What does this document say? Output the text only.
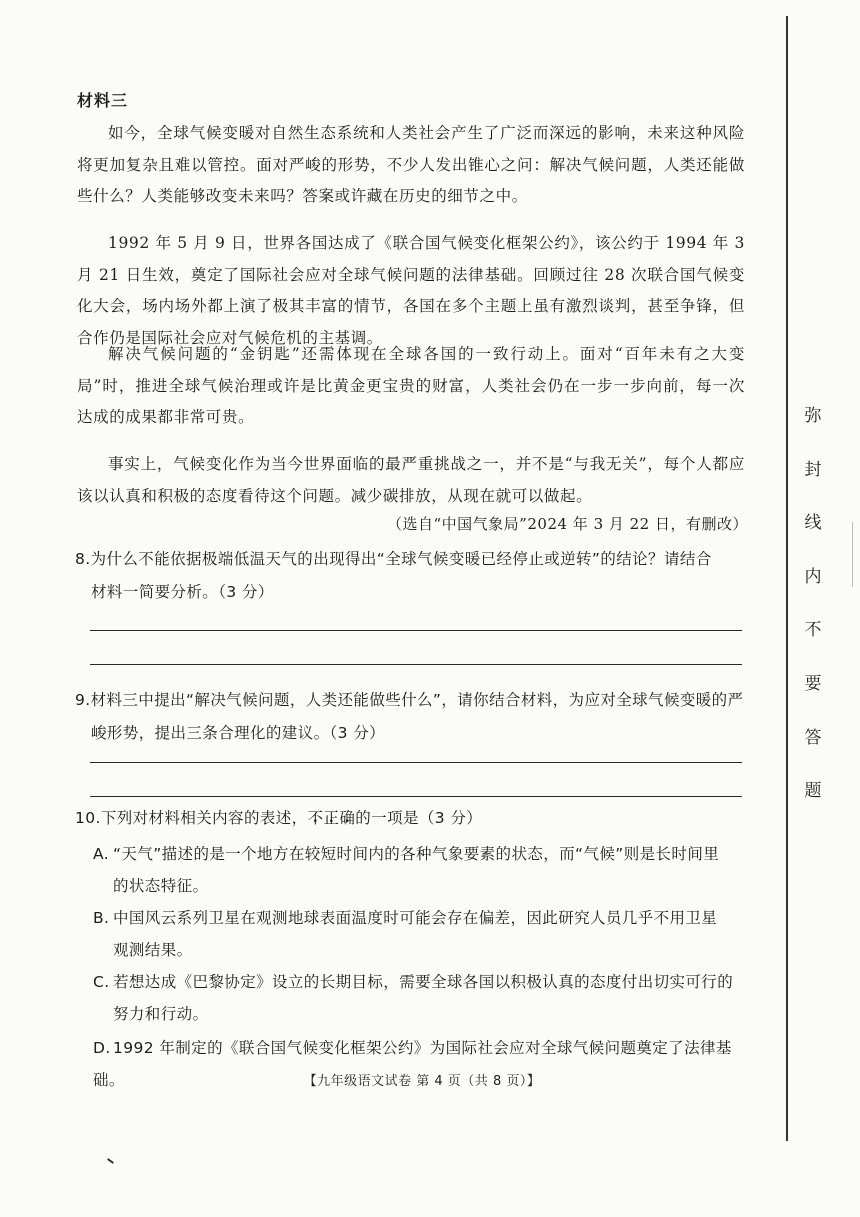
材料三

如今，全球气候变暖对自然生态系统和人类社会产生了广泛而深远的影响，未来这种风险将更加复杂且难以管控。面对严峻的形势，不少人发出锥心之问：解决气候问题，人类还能做些什么？人类能够改变未来吗？答案或许藏在历史的细节之中。

1992 年 5 月 9 日，世界各国达成了《联合国气候变化框架公约》，该公约于 1994 年 3 月 21 日生效，奠定了国际社会应对全球气候问题的法律基础。回顾过往 28 次联合国气候变化大会，场内场外都上演了极其丰富的情节，各国在多个主题上虽有激烈谈判，甚至争锋，但合作仍是国际社会应对气候危机的主基调。

解决气候问题的“金钥匙”还需体现在全球各国的一致行动上。面对“百年未有之大变局”时，推进全球气候治理或许是比黄金更宝贵的财富，人类社会仍在一步一步向前，每一次达成的成果都非常可贵。

事实上，气候变化作为当今世界面临的最严重挑战之一，并不是“与我无关”，每个人都应该以认真和积极的态度看待这个问题。减少碳排放，从现在就可以做起。

（选自“中国气象局”2024 年 3 月 22 日，有删改）
8.为什么不能依据极端低温天气的出现得出“全球气候变暖已经停止或逆转”的结论？请结合
材料一简要分析。（3 分）
9.材料三中提出“解决气候问题，人类还能做些什么”，请你结合材料，为应对全球气候变暖的严
峻形势，提出三条合理化的建议。（3 分）
10.下列对材料相关内容的表述，不正确的一项是（3 分）
A. “天气”描述的是一个地方在较短时间内的各种气象要素的状态，而“气候”则是长时间里
的状态特征。
B. 中国风云系列卫星在观测地球表面温度时可能会存在偏差，因此研究人员几乎不用卫星
观测结果。
C. 若想达成《巴黎协定》设立的长期目标，需要全球各国以积极认真的态度付出切实可行的
努力和行动。
D. 1992 年制定的《联合国气候变化框架公约》为国际社会应对全球气候问题奠定了法律基础。	【九年级语文试卷 第 4 页（共 8 页）】
弥
封
线
内
不
要
答
题
